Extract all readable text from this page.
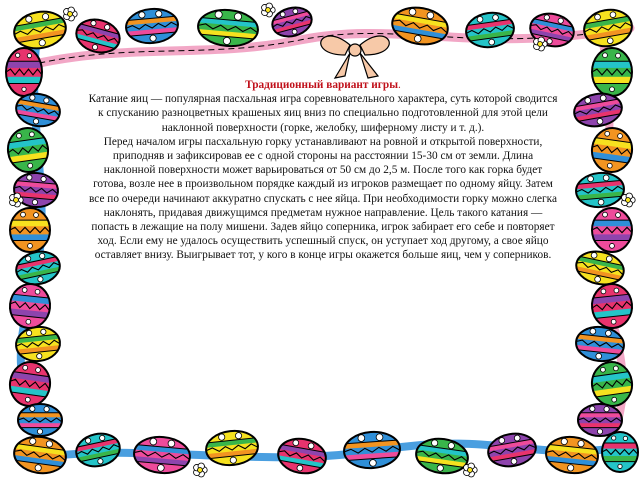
Традиционный вариант игры.

Катание яиц — популярная пасхальная игра соревновательного характера, суть которой сводится к спусканию разноцветных крашеных яиц вниз по специально подготовленной для этой цели наклонной поверхности (горке, желобку, шиферному листу и т. д.).

Перед началом игры пасхальную горку устанавливают на ровной и открытой поверхности, приподняв и зафиксировав ее с одной стороны на расстоянии 15-30 см от земли. Длина наклонной поверхности может варьироваться от 50 см до 2,5 м. После того как горка будет готова, возле нее в произвольном порядке каждый из игроков размещает по одному яйцу. Затем все по очереди начинают аккуратно спускать с нее яйца. При необходимости горку можно слегка наклонять, придавая движущимся предметам нужное направление. Цель такого катания — попасть в лежащие на полу мишени. Задев яйцо соперника, игрок забирает его себе и повторяет ход. Если ему не удалось осуществить успешный спуск, он уступает ход другому, а свое яйцо оставляет внизу. Выигрывает тот, у кого в конце игры окажется больше яиц, чем у соперников.
